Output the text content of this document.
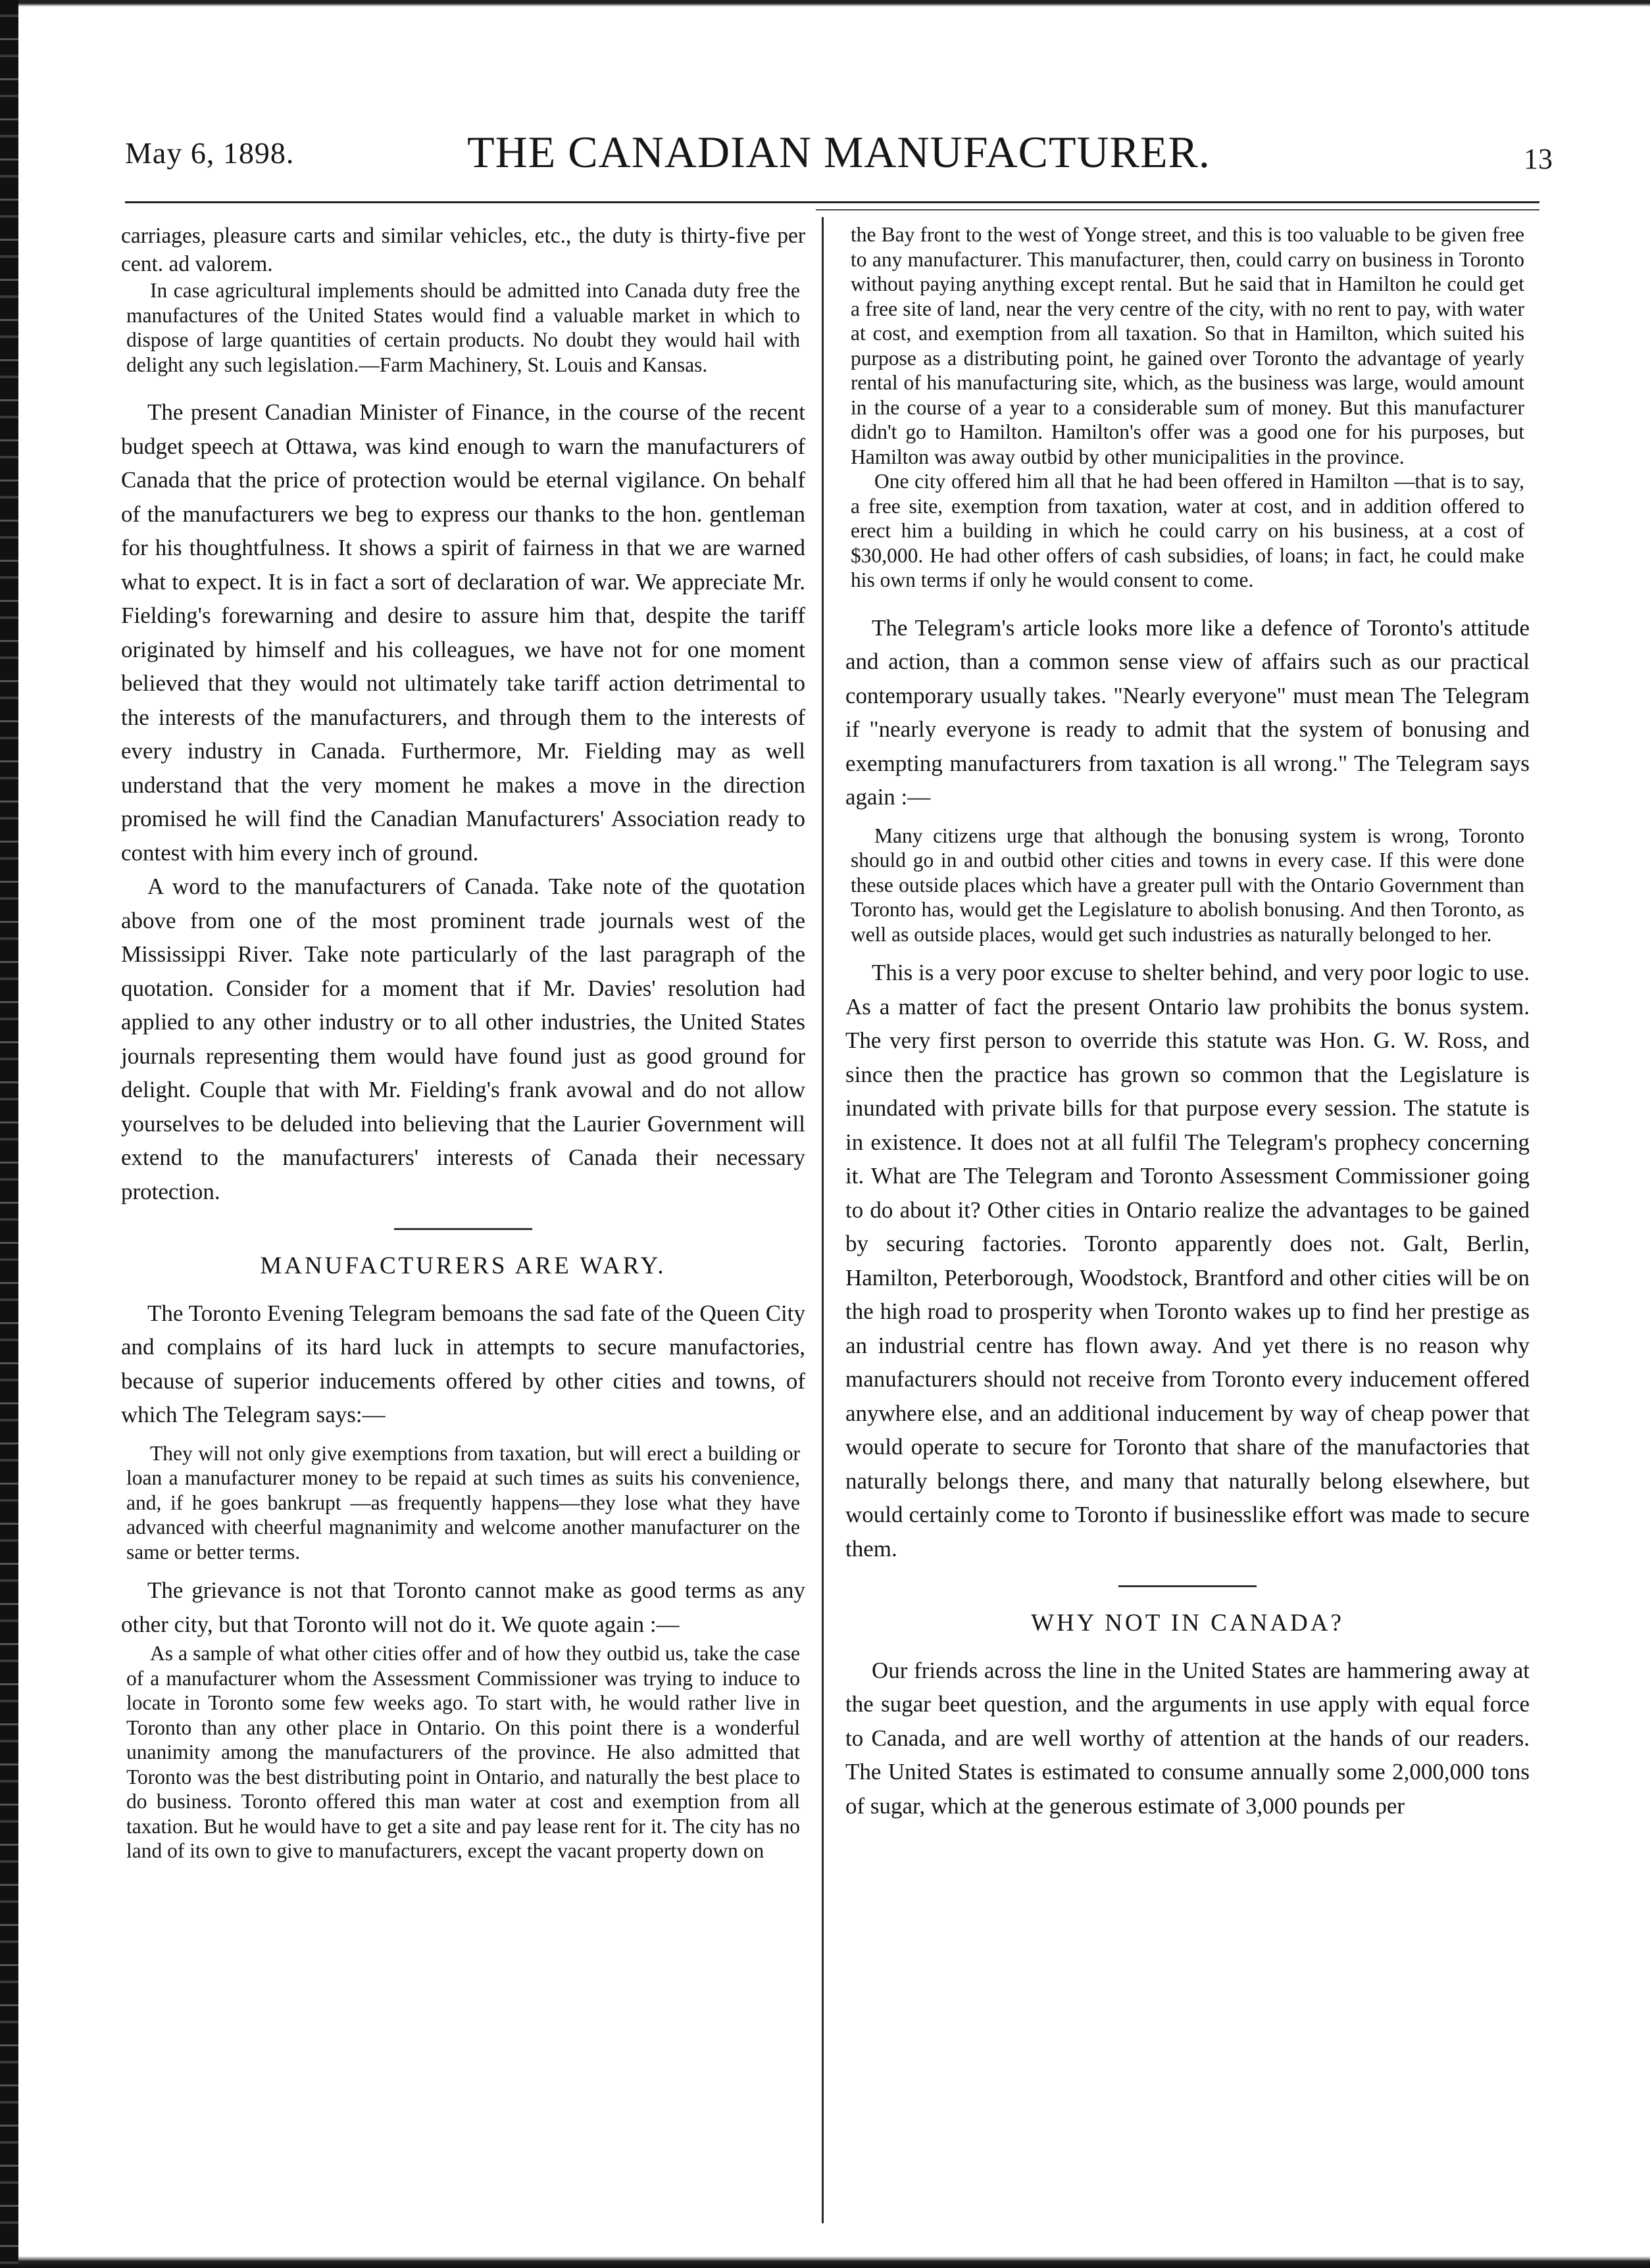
May 6, 1898.	THE CANADIAN MANUFACTURER.	13

carriages, pleasure carts and similar vehicles, etc., the duty is thirty-five per cent. ad valorem.

In case agricultural implements should be admitted into Canada duty free the manufactures of the United States would find a valuable market in which to dispose of large quantities of certain products. No doubt they would hail with delight any such legislation.—Farm Machinery, St. Louis and Kansas.

The present Canadian Minister of Finance, in the course of the recent budget speech at Ottawa, was kind enough to warn the manufacturers of Canada that the price of protection would be eternal vigilance. On behalf of the manufacturers we beg to express our thanks to the hon. gentleman for his thoughtfulness. It shows a spirit of fairness in that we are warned what to expect. It is in fact a sort of declaration of war. We appreciate Mr. Fielding's forewarning and desire to assure him that, despite the tariff originated by himself and his colleagues, we have not for one moment believed that they would not ultimately take tariff action detrimental to the interests of the manufacturers, and through them to the interests of every industry in Canada. Furthermore, Mr. Fielding may as well understand that the very moment he makes a move in the direction promised he will find the Canadian Manufacturers' Association ready to contest with him every inch of ground.

A word to the manufacturers of Canada. Take note of the quotation above from one of the most prominent trade journals west of the Mississippi River. Take note particularly of the last paragraph of the quotation. Consider for a moment that if Mr. Davies' resolution had applied to any other industry or to all other industries, the United States journals representing them would have found just as good ground for delight. Couple that with Mr. Fielding's frank avowal and do not allow yourselves to be deluded into believing that the Laurier Government will extend to the manufacturers' interests of Canada their necessary protection.

MANUFACTURERS ARE WARY.

The Toronto Evening Telegram bemoans the sad fate of the Queen City and complains of its hard luck in attempts to secure manufactories, because of superior inducements offered by other cities and towns, of which The Telegram says:—

They will not only give exemptions from taxation, but will erect a building or loan a manufacturer money to be repaid at such times as suits his convenience, and, if he goes bankrupt —as frequently happens—they lose what they have advanced with cheerful magnanimity and welcome another manufacturer on the same or better terms.

The grievance is not that Toronto cannot make as good terms as any other city, but that Toronto will not do it. We quote again :—

As a sample of what other cities offer and of how they outbid us, take the case of a manufacturer whom the Assessment Commissioner was trying to induce to locate in Toronto some few weeks ago. To start with, he would rather live in Toronto than any other place in Ontario. On this point there is a wonderful unanimity among the manufacturers of the province. He also admitted that Toronto was the best distributing point in Ontario, and naturally the best place to do business. Toronto offered this man water at cost and exemption from all taxation. But he would have to get a site and pay lease rent for it. The city has no land of its own to give to manufacturers, except the vacant property down on

the Bay front to the west of Yonge street, and this is too valuable to be given free to any manufacturer. This manufacturer, then, could carry on business in Toronto without paying anything except rental. But he said that in Hamilton he could get a free site of land, near the very centre of the city, with no rent to pay, with water at cost, and exemption from all taxation. So that in Hamilton, which suited his purpose as a distributing point, he gained over Toronto the advantage of yearly rental of his manufacturing site, which, as the business was large, would amount in the course of a year to a considerable sum of money. But this manufacturer didn't go to Hamilton. Hamilton's offer was a good one for his purposes, but Hamilton was away outbid by other municipalities in the province.

One city offered him all that he had been offered in Hamilton —that is to say, a free site, exemption from taxation, water at cost, and in addition offered to erect him a building in which he could carry on his business, at a cost of $30,000. He had other offers of cash subsidies, of loans; in fact, he could make his own terms if only he would consent to come.

The Telegram's article looks more like a defence of Toronto's attitude and action, than a common sense view of affairs such as our practical contemporary usually takes. "Nearly everyone" must mean The Telegram if "nearly everyone is ready to admit that the system of bonusing and exempting manufacturers from taxation is all wrong." The Telegram says again :—

Many citizens urge that although the bonusing system is wrong, Toronto should go in and outbid other cities and towns in every case. If this were done these outside places which have a greater pull with the Ontario Government than Toronto has, would get the Legislature to abolish bonusing. And then Toronto, as well as outside places, would get such industries as naturally belonged to her.

This is a very poor excuse to shelter behind, and very poor logic to use. As a matter of fact the present Ontario law prohibits the bonus system. The very first person to override this statute was Hon. G. W. Ross, and since then the practice has grown so common that the Legislature is inundated with private bills for that purpose every session. The statute is in existence. It does not at all fulfil The Telegram's prophecy concerning it. What are The Telegram and Toronto Assessment Commissioner going to do about it? Other cities in Ontario realize the advantages to be gained by securing factories. Toronto apparently does not. Galt, Berlin, Hamilton, Peterborough, Woodstock, Brantford and other cities will be on the high road to prosperity when Toronto wakes up to find her prestige as an industrial centre has flown away. And yet there is no reason why manufacturers should not receive from Toronto every inducement offered anywhere else, and an additional inducement by way of cheap power that would operate to secure for Toronto that share of the manufactories that naturally belongs there, and many that naturally belong elsewhere, but would certainly come to Toronto if businesslike effort was made to secure them.

WHY NOT IN CANADA?

Our friends across the line in the United States are hammering away at the sugar beet question, and the arguments in use apply with equal force to Canada, and are well worthy of attention at the hands of our readers. The United States is estimated to consume annually some 2,000,000 tons of sugar, which at the generous estimate of 3,000 pounds per
